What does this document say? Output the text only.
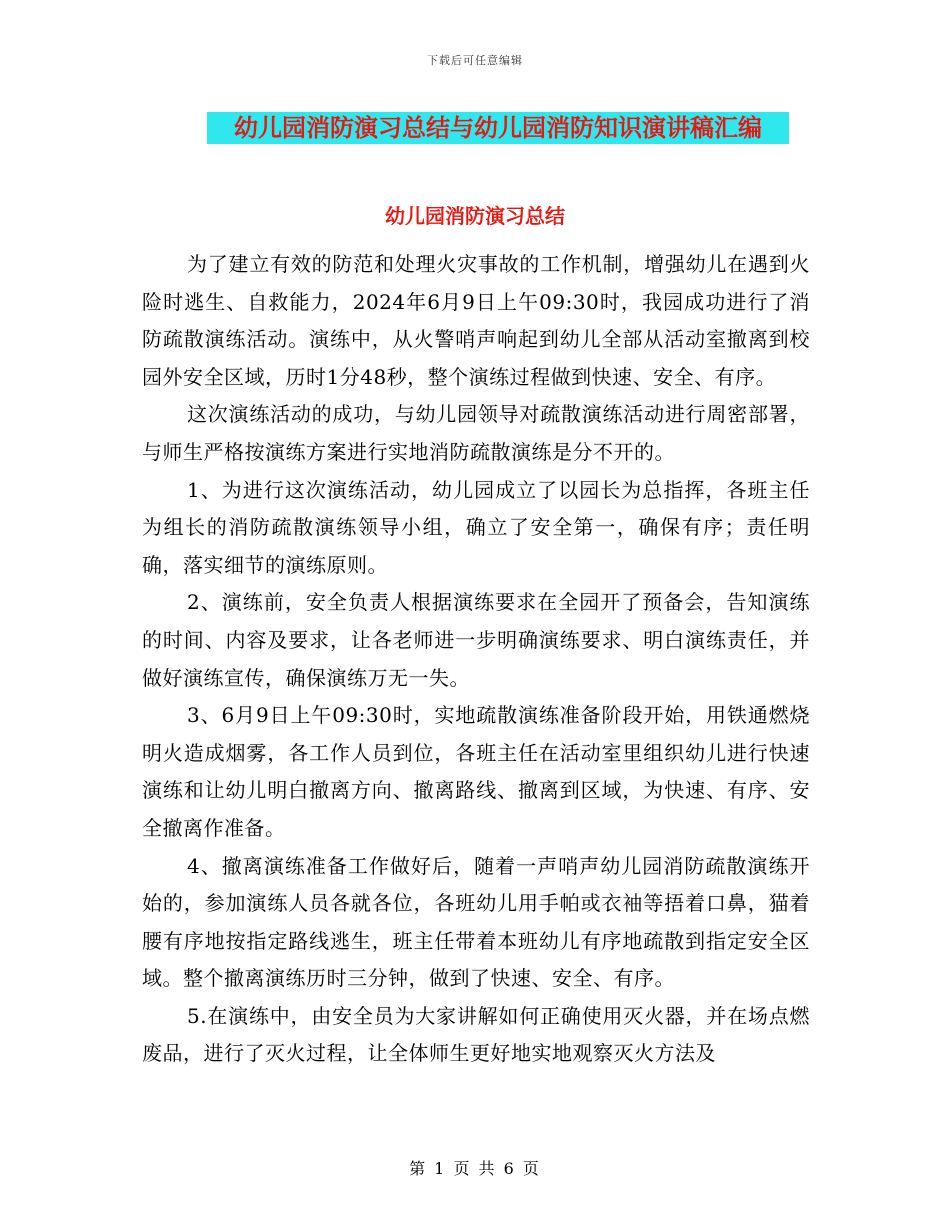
下载后可任意编辑
幼儿园消防演习总结与幼儿园消防知识演讲稿汇编
幼儿园消防演习总结

为了建立有效的防范和处理火灾事故的工作机制，增强幼儿在遇到火险时逃生、自救能力，2024年6月9日上午09:30时，我园成功进行了消防疏散演练活动。演练中，从火警哨声响起到幼儿全部从活动室撤离到校园外安全区域，历时1分48秒，整个演练过程做到快速、安全、有序。

这次演练活动的成功，与幼儿园领导对疏散演练活动进行周密部署，与师生严格按演练方案进行实地消防疏散演练是分不开的。

1、为进行这次演练活动，幼儿园成立了以园长为总指挥，各班主任为组长的消防疏散演练领导小组，确立了安全第一，确保有序；责任明确，落实细节的演练原则。

2、演练前，安全负责人根据演练要求在全园开了预备会，告知演练的时间、内容及要求，让各老师进一步明确演练要求、明白演练责任，并做好演练宣传，确保演练万无一失。

3、6月9日上午09:30时，实地疏散演练准备阶段开始，用铁通燃烧明火造成烟雾，各工作人员到位，各班主任在活动室里组织幼儿进行快速演练和让幼儿明白撤离方向、撤离路线、撤离到区域，为快速、有序、安全撤离作准备。

4、撤离演练准备工作做好后，随着一声哨声幼儿园消防疏散演练开始的，参加演练人员各就各位，各班幼儿用手帕或衣袖等捂着口鼻，猫着腰有序地按指定路线逃生，班主任带着本班幼儿有序地疏散到指定安全区域。整个撤离演练历时三分钟，做到了快速、安全、有序。

5.在演练中，由安全员为大家讲解如何正确使用灭火器，并在场点燃废品，进行了灭火过程，让全体师生更好地实地观察灭火方法及

第 1 页 共 6 页
